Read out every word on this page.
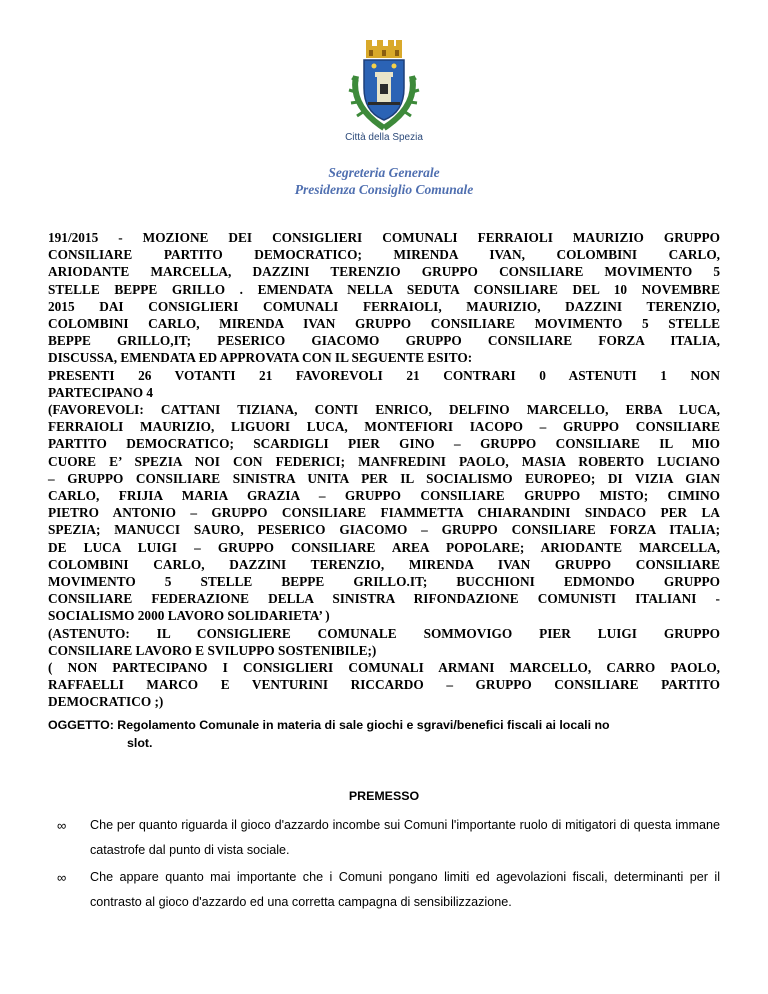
Città della Spezia
Segreteria Generale
Presidenza Consiglio Comunale

191/2015 - MOZIONE DEI CONSIGLIERI COMUNALI FERRAIOLI MAURIZIO GRUPPO

CONSILIARE PARTITO DEMOCRATICO; MIRENDA IVAN, COLOMBINI CARLO,

ARIODANTE MARCELLA, DAZZINI TERENZIO GRUPPO CONSILIARE MOVIMENTO 5

STELLE BEPPE GRILLO . EMENDATA NELLA SEDUTA CONSILIARE DEL 10 NOVEMBRE

2015 DAI CONSIGLIERI COMUNALI FERRAIOLI, MAURIZIO, DAZZINI TERENZIO,

COLOMBINI CARLO, MIRENDA IVAN GRUPPO CONSILIARE MOVIMENTO 5 STELLE

BEPPE GRILLO,IT; PESERICO GIACOMO GRUPPO CONSILIARE FORZA ITALIA,

DISCUSSA, EMENDATA ED APPROVATA CON IL SEGUENTE ESITO:

PRESENTI 26 VOTANTI 21 FAVOREVOLI 21 CONTRARI 0 ASTENUTI 1 NON

PARTECIPANO 4

(FAVOREVOLI: CATTANI TIZIANA, CONTI ENRICO, DELFINO MARCELLO, ERBA LUCA,

FERRAIOLI MAURIZIO, LIGUORI LUCA, MONTEFIORI IACOPO – GRUPPO CONSILIARE

PARTITO DEMOCRATICO; SCARDIGLI PIER GINO – GRUPPO CONSILIARE IL MIO

CUORE E’ SPEZIA NOI CON FEDERICI; MANFREDINI PAOLO, MASIA ROBERTO LUCIANO

– GRUPPO CONSILIARE SINISTRA UNITA PER IL SOCIALISMO EUROPEO; DI VIZIA GIAN

CARLO, FRIJIA MARIA GRAZIA – GRUPPO CONSILIARE GRUPPO MISTO; CIMINO

PIETRO ANTONIO – GRUPPO CONSILIARE FIAMMETTA CHIARANDINI SINDACO PER LA

SPEZIA; MANUCCI SAURO, PESERICO GIACOMO – GRUPPO CONSILIARE FORZA ITALIA;

DE LUCA LUIGI – GRUPPO CONSILIARE AREA POPOLARE; ARIODANTE MARCELLA,

COLOMBINI CARLO, DAZZINI TERENZIO, MIRENDA IVAN GRUPPO CONSILIARE

MOVIMENTO 5 STELLE BEPPE GRILLO.IT; BUCCHIONI EDMONDO GRUPPO

CONSILIARE FEDERAZIONE DELLA SINISTRA RIFONDAZIONE COMUNISTI ITALIANI -

SOCIALISMO 2000 LAVORO SOLIDARIETA’ )

(ASTENUTO: IL CONSIGLIERE COMUNALE SOMMOVIGO PIER LUIGI GRUPPO

CONSILIARE LAVORO E SVILUPPO SOSTENIBILE;)

( NON PARTECIPANO I CONSIGLIERI COMUNALI ARMANI MARCELLO, CARRO PAOLO,

RAFFAELLI MARCO E VENTURINI RICCARDO – GRUPPO CONSILIARE PARTITO

DEMOCRATICO ;)

OGGETTO: Regolamento Comunale in materia di sale giochi e sgravi/benefici fiscali ai locali no
slot.
PREMESSO
∞ Che per quanto riguarda il gioco d'azzardo incombe sui Comuni l'importante ruolo di mitigatori di questa immane catastrofe dal punto di vista sociale.

∞ Che appare quanto mai importante che i Comuni pongano limiti ed agevolazioni fiscali, determinanti per il contrasto al gioco d'azzardo ed una corretta campagna di sensibilizzazione.
